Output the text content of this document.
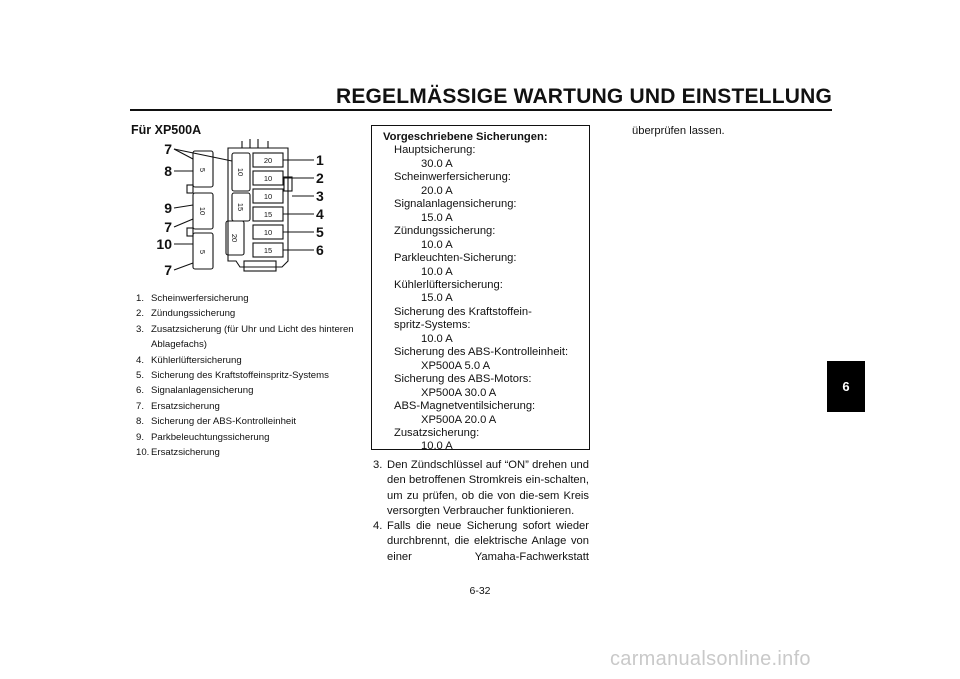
REGELMÄSSIGE WARTUNG UND EINSTELLUNG
Für XP500A
5
10
5
10
15
20
20
10
10
15
10
15
7
8
9
7
10
7
1
2
3
4
5
6
1. Scheinwerfersicherung
2. Zündungssicherung
3. Zusatzsicherung (für Uhr und Licht des hinteren Ablagefachs)
4. Kühlerlüftersicherung
5. Sicherung des Kraftstoffeinspritz-Systems
6. Signalanlagensicherung
7. Ersatzsicherung
8. Sicherung der ABS-Kontrolleinheit
9. Parkbeleuchtungssicherung
10. Ersatzsicherung
Vorgeschriebene Sicherungen:
Hauptsicherung:
30.0 A
Scheinwerfersicherung:
20.0 A
Signalanlagensicherung:
15.0 A
Zündungssicherung:
10.0 A
Parkleuchten-Sicherung:
10.0 A
Kühlerlüftersicherung:
15.0 A
Sicherung des Kraftstoffein-
spritz-Systems:
10.0 A
Sicherung des ABS-Kontrolleinheit:
XP500A 5.0 A
Sicherung des ABS-Motors:
XP500A 30.0 A
ABS-Magnetventilsicherung:
XP500A 20.0 A
Zusatzsicherung:
10.0 A
3. Den Zündschlüssel auf “ON” drehen und den betroffenen Stromkreis ein-schalten, um zu prüfen, ob die von die-sem Kreis versorgten Verbraucher funktionieren.
4. Falls die neue Sicherung sofort wieder durchbrennt, die elektrische Anlage von einer Yamaha-Fachwerkstatt
überprüfen lassen.
6
6-32
carmanualsonline.info
